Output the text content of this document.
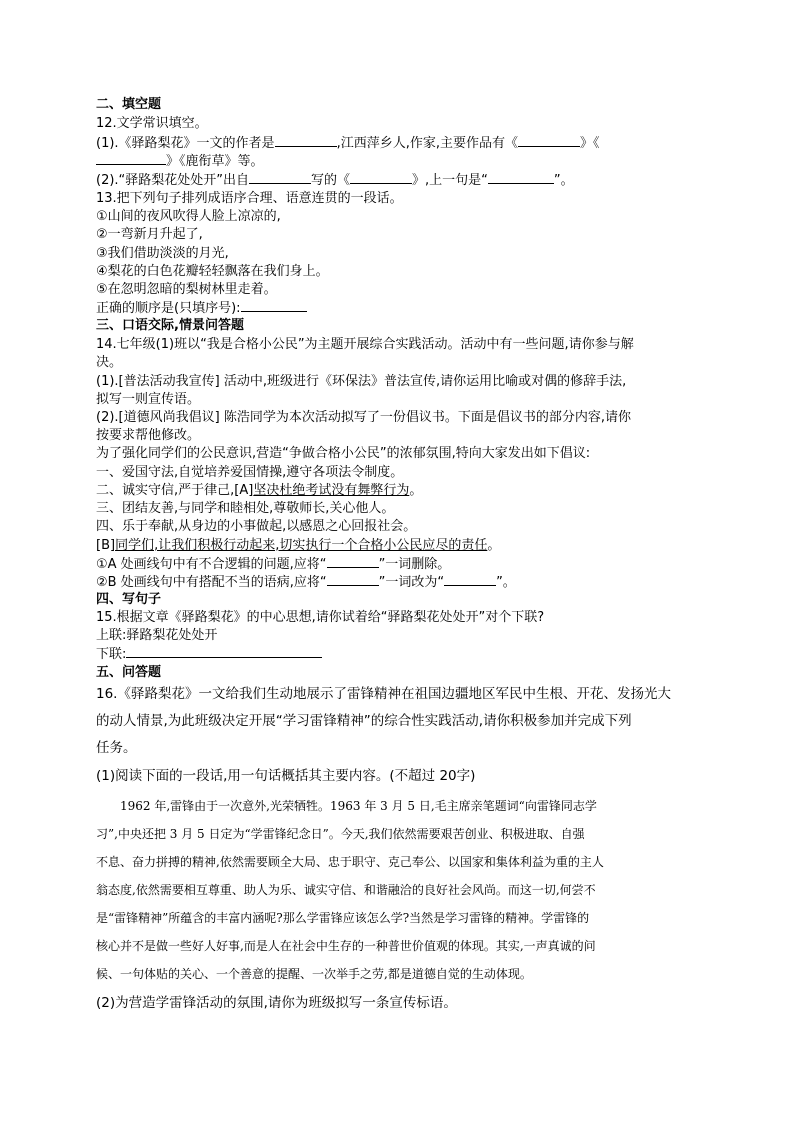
二、填空题
12.文学常识填空。
(1).《驿路梨花》一文的作者是	,江西萍乡人,作家,主要作品有《	》《
》《鹿衔草》等。
(2).“驿路梨花处处开”出自	写的《	》,上一句是“	”。
13.把下列句子排列成语序合理、语意连贯的一段话。
①山间的夜风吹得人脸上凉凉的,
②一弯新月升起了,
③我们借助淡淡的月光,
④梨花的白色花瓣轻轻飘落在我们身上。
⑤在忽明忽暗的梨树林里走着。
正确的顺序是(只填序号):
三、口语交际,情景问答题
14.七年级(1)班以“我是合格小公民”为主题开展综合实践活动。活动中有一些问题,请你参与解
决。
(1).[普法活动我宣传] 活动中,班级进行《环保法》普法宣传,请你运用比喻或对偶的修辞手法,
拟写一则宣传语。
(2).[道德风尚我倡议] 陈浩同学为本次活动拟写了一份倡议书。下面是倡议书的部分内容,请你
按要求帮他修改。
为了强化同学们的公民意识,营造“争做合格小公民”的浓郁氛围,特向大家发出如下倡议:
一、爱国守法,自觉培养爱国情操,遵守各项法令制度。
二、诚实守信,严于律己,[A]坚决杜绝考试没有舞弊行为。
三、团结友善,与同学和睦相处,尊敬师长,关心他人。
四、乐于奉献,从身边的小事做起,以感恩之心回报社会。
[B]同学们,让我们积极行动起来,切实执行一个合格小公民应尽的责任。
①A 处画线句中有不合逻辑的问题,应将“	”一词删除。
②B 处画线句中有搭配不当的语病,应将“	”一词改为“	”。
四、写句子
15.根据文章《驿路梨花》的中心思想,请你试着给“驿路梨花处处开”对个下联?
上联:驿路梨花处处开
下联:
五、问答题
16.《驿路梨花》一文给我们生动地展示了雷锋精神在祖国边疆地区军民中生根、开花、发扬光大
的动人情景,为此班级决定开展“学习雷锋精神”的综合性实践活动,请你积极参加并完成下列
任务。
(1)阅读下面的一段话,用一句话概括其主要内容。(不超过 20字)
　　1962 年,雷锋由于一次意外,光荣牺牲。1963 年 3 月 5 日,毛主席亲笔题词“向雷锋同志学
习”,中央还把 3 月 5 日定为“学雷锋纪念日”。今天,我们依然需要艰苦创业、积极进取、自强
不息、奋力拼搏的精神,依然需要顾全大局、忠于职守、克己奉公、以国家和集体利益为重的主人
翁态度,依然需要相互尊重、助人为乐、诚实守信、和谐融洽的良好社会风尚。而这一切,何尝不
是“雷锋精神”所蕴含的丰富内涵呢?那么学雷锋应该怎么学?当然是学习雷锋的精神。学雷锋的
核心并不是做一些好人好事,而是人在社会中生存的一种普世价值观的体现。其实,一声真诚的问
候、一句体贴的关心、一个善意的提醒、一次举手之劳,都是道德自觉的生动体现。
(2)为营造学雷锋活动的氛围,请你为班级拟写一条宣传标语。
